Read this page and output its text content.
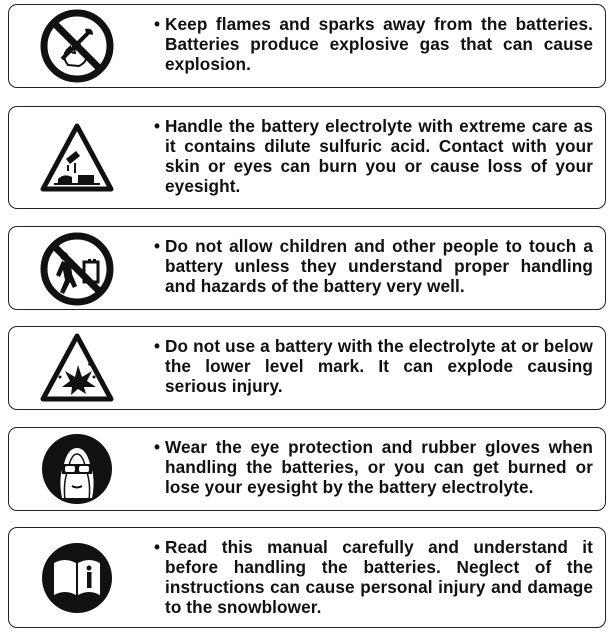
• Keep flames and sparks away from the batteries. Batteries produce explosive gas that can cause explosion.

• Handle the battery electrolyte with extreme care as it contains dilute sulfuric acid. Contact with your skin or eyes can burn you or cause loss of your eyesight.

• Do not allow children and other people to touch a battery unless they understand proper handling and hazards of the battery very well.

• Do not use a battery with the electrolyte at or below the lower level mark. It can explode causing serious injury.

• Wear the eye protection and rubber gloves when handling the batteries, or you can get burned or lose your eyesight by the battery electrolyte.

• Read this manual carefully and understand it before handling the batteries. Neglect of the instructions can cause personal injury and damage to the snowblower.
